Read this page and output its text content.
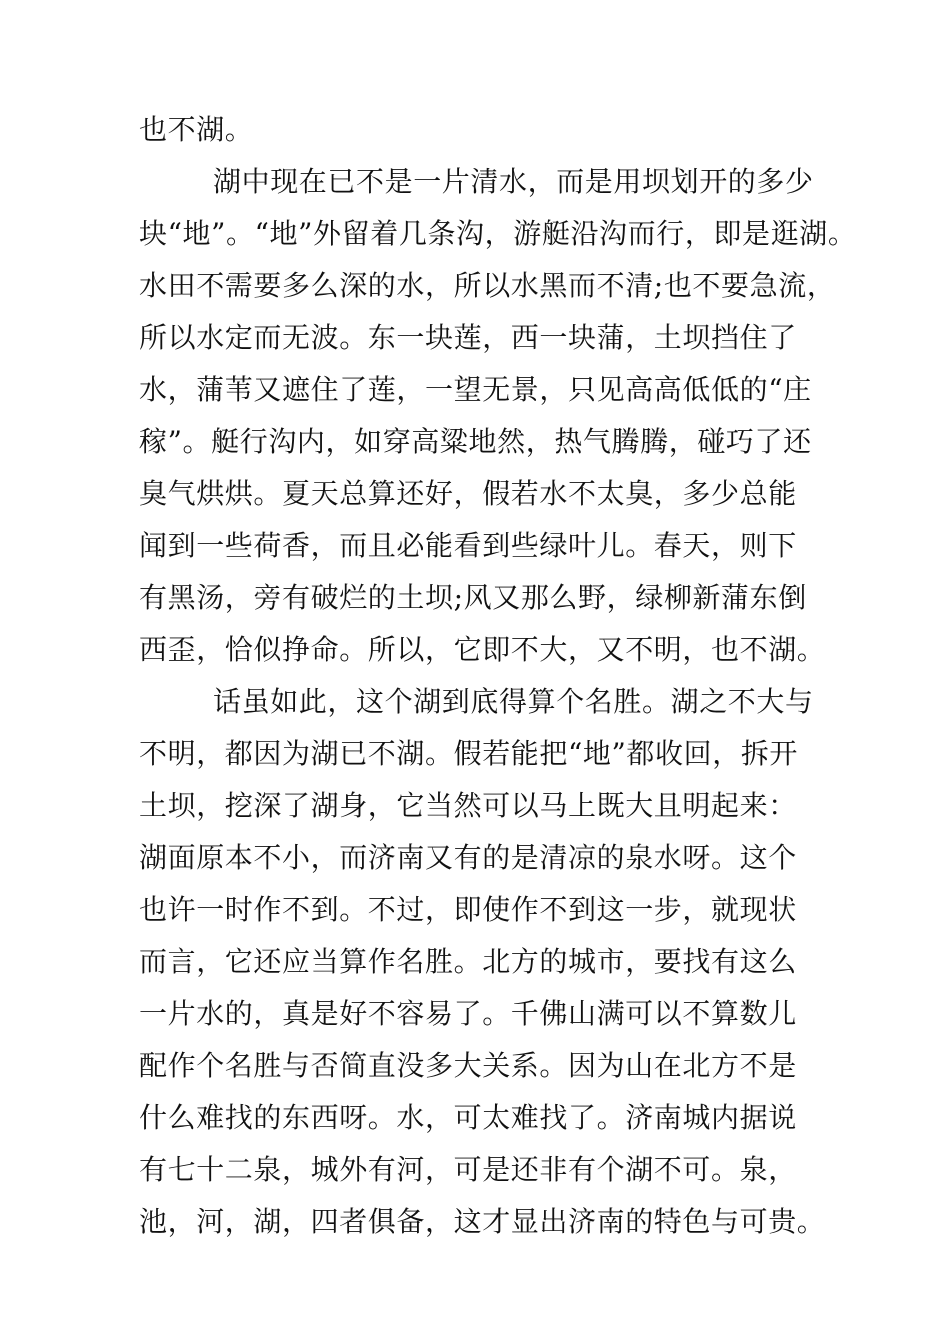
也不湖。
湖中现在已不是一片清水，而是用坝划开的多少
块“地”。“地”外留着几条沟，游艇沿沟而行，即是逛湖。
水田不需要多么深的水，所以水黑而不清;也不要急流，
所以水定而无波。东一块莲，西一块蒲，土坝挡住了
水，蒲苇又遮住了莲，一望无景，只见高高低低的“庄
稼”。艇行沟内，如穿高粱地然，热气腾腾，碰巧了还
臭气烘烘。夏天总算还好，假若水不太臭，多少总能
闻到一些荷香，而且必能看到些绿叶儿。春天，则下
有黑汤，旁有破烂的土坝;风又那么野，绿柳新蒲东倒
西歪，恰似挣命。所以，它即不大，又不明，也不湖。
话虽如此，这个湖到底得算个名胜。湖之不大与
不明，都因为湖已不湖。假若能把“地”都收回，拆开
土坝，挖深了湖身，它当然可以马上既大且明起来：
湖面原本不小，而济南又有的是清凉的泉水呀。这个
也许一时作不到。不过，即使作不到这一步，就现状
而言，它还应当算作名胜。北方的城市，要找有这么
一片水的，真是好不容易了。千佛山满可以不算数儿
配作个名胜与否简直没多大关系。因为山在北方不是
什么难找的东西呀。水，可太难找了。济南城内据说
有七十二泉，城外有河，可是还非有个湖不可。泉，
池，河，湖，四者俱备，这才显出济南的特色与可贵。
